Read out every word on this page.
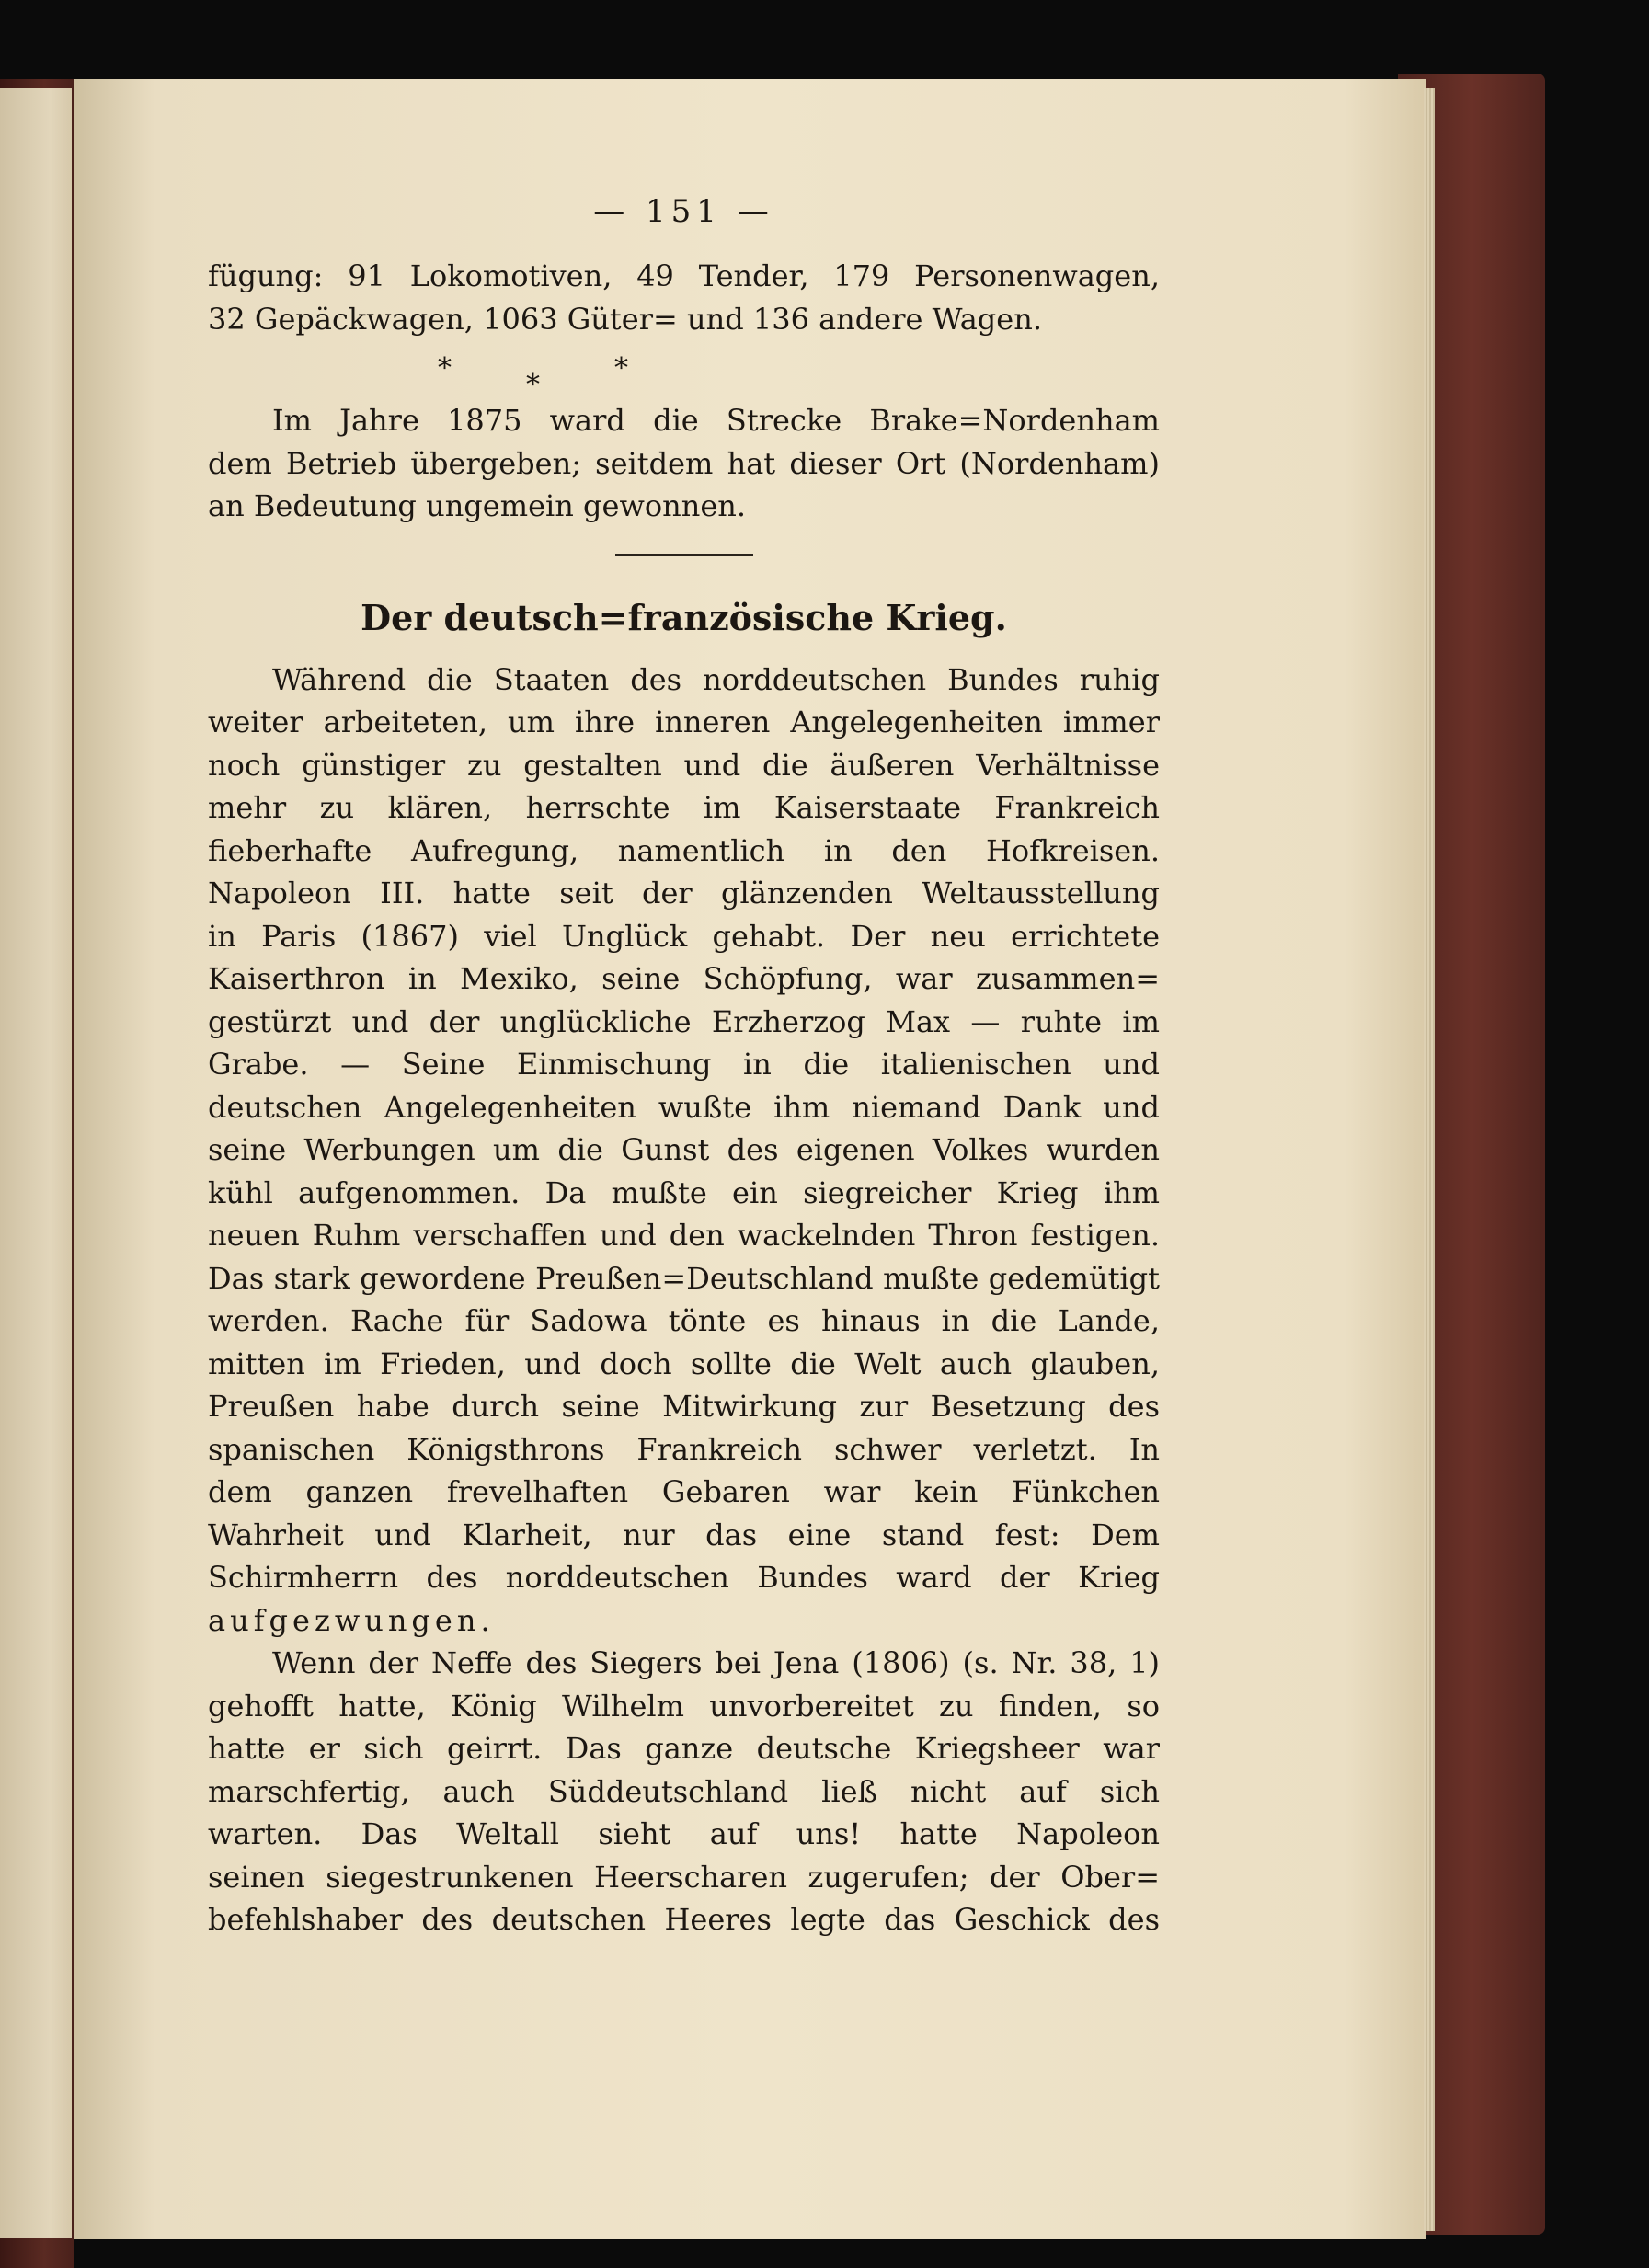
— 151 —
fügung: 91 Lokomotiven, 49 Tender, 179 Personenwagen,
32 Gepäckwagen, 1063 Güter= und 136 andere Wagen.
*
*
*
Im Jahre 1875 ward die Strecke Brake=Nordenham
dem Betrieb übergeben; seitdem hat dieser Ort (Nordenham)
an Bedeutung ungemein gewonnen.
Der deutsch=französische Krieg.
Während die Staaten des norddeutschen Bundes ruhig
weiter arbeiteten, um ihre inneren Angelegenheiten immer
noch günstiger zu gestalten und die äußeren Verhältnisse
mehr zu klären, herrschte im Kaiserstaate Frankreich
fieberhafte Aufregung, namentlich in den Hofkreisen.
Napoleon III. hatte seit der glänzenden Weltausstellung
in Paris (1867) viel Unglück gehabt. Der neu errichtete
Kaiserthron in Mexiko, seine Schöpfung, war zusammen=
gestürzt und der unglückliche Erzherzog Max — ruhte im
Grabe. — Seine Einmischung in die italienischen und
deutschen Angelegenheiten wußte ihm niemand Dank und
seine Werbungen um die Gunst des eigenen Volkes wurden
kühl aufgenommen. Da mußte ein siegreicher Krieg ihm
neuen Ruhm verschaffen und den wackelnden Thron festigen.
Das stark gewordene Preußen=Deutschland mußte gedemütigt
werden. Rache für Sadowa tönte es hinaus in die Lande,
mitten im Frieden, und doch sollte die Welt auch glauben,
Preußen habe durch seine Mitwirkung zur Besetzung des
spanischen Königsthrons Frankreich schwer verletzt. In
dem ganzen frevelhaften Gebaren war kein Fünkchen
Wahrheit und Klarheit, nur das eine stand fest: Dem
Schirmherrn des norddeutschen Bundes ward der Krieg
aufgezwungen.
Wenn der Neffe des Siegers bei Jena (1806) (s. Nr. 38, 1)
gehofft hatte, König Wilhelm unvorbereitet zu finden, so
hatte er sich geirrt. Das ganze deutsche Kriegsheer war
marschfertig, auch Süddeutschland ließ nicht auf sich
warten. Das Weltall sieht auf uns! hatte Napoleon
seinen siegestrunkenen Heerscharen zugerufen; der Ober=
befehlshaber des deutschen Heeres legte das Geschick des
